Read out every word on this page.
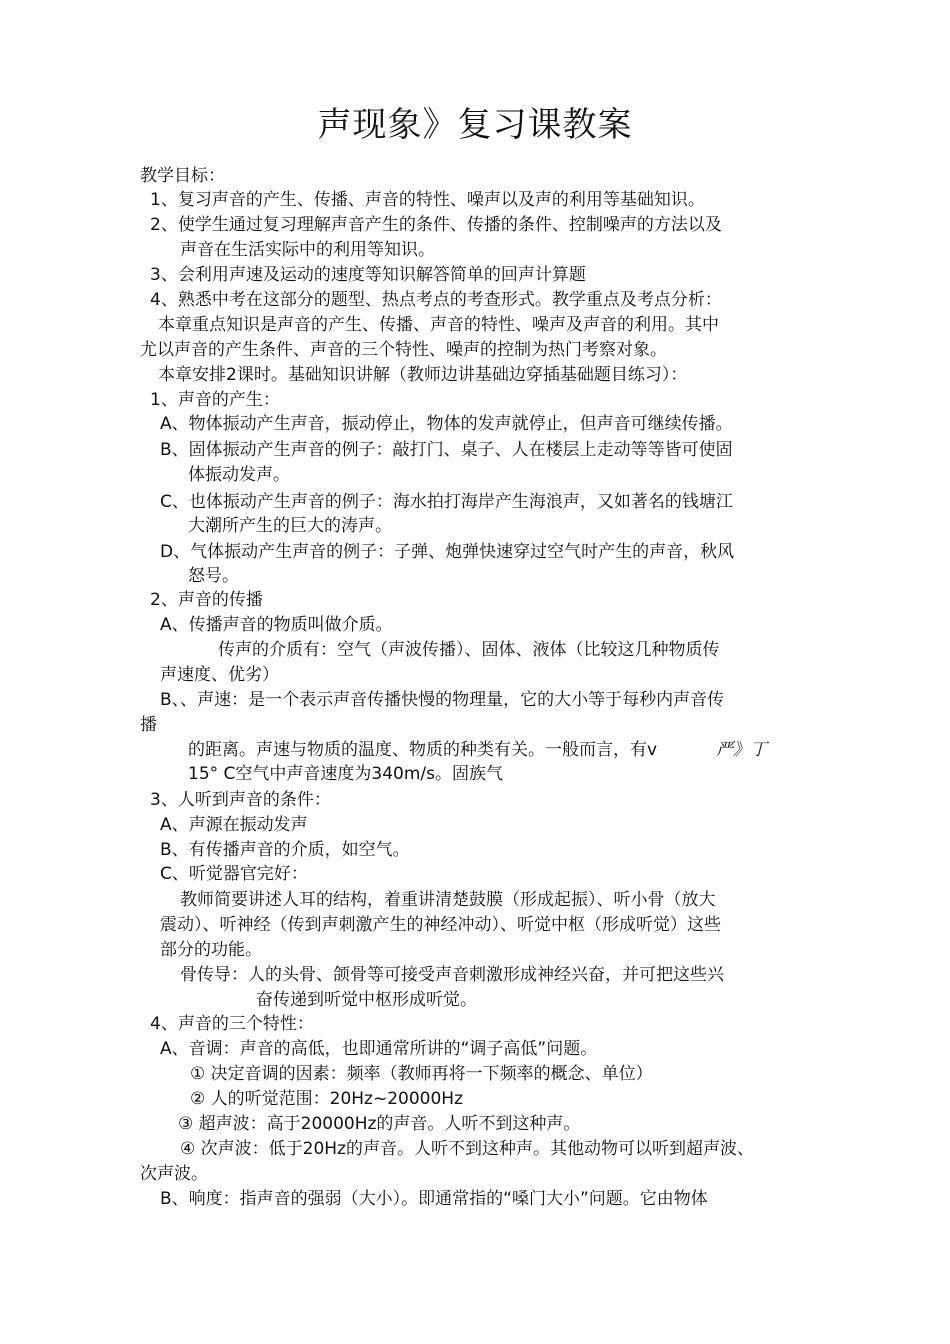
声现象》复习课教案
教学目标：
1、复习声音的产生、传播、声音的特性、噪声以及声的利用等基础知识。
2、使学生通过复习理解声音产生的条件、传播的条件、控制噪声的方法以及
声音在生活实际中的利用等知识。
3、会利用声速及运动的速度等知识解答简单的回声计算题
4、熟悉中考在这部分的题型、热点考点的考查形式。教学重点及考点分析：
本章重点知识是声音的产生、传播、声音的特性、噪声及声音的利用。其中
尤以声音的产生条件、声音的三个特性、噪声的控制为热门考察对象。
本章安排2课时。基础知识讲解（教师边讲基础边穿插基础题目练习）：
1、声音的产生：
A、物体振动产生声音，振动停止，物体的发声就停止，但声音可继续传播。
B、固体振动产生声音的例子：敲打门、桌子、人在楼层上走动等等皆可使固
体振动发声。
C、也体振动产生声音的例子：海水拍打海岸产生海浪声，又如著名的钱塘江
大潮所产生的巨大的涛声。
D、气体振动产生声音的例子：子弹、炮弹快速穿过空气时产生的声音，秋风
怒号。
2、声音的传播
A、传播声音的物质叫做介质。
传声的介质有：空气（声波传播）、固体、液体（比较这几种物质传
声速度、优劣）
B、、声速：是一个表示声音传播快慢的物理量，它的大小等于每秒内声音传
播
的距离。声速与物质的温度、物质的种类有关。一般而言，有v	严》丁
15° C空气中声音速度为340m/s。固族气
3、人听到声音的条件：
A、声源在振动发声
B、有传播声音的介质，如空气。
C、听觉器官完好：
教师简要讲述人耳的结构，着重讲清楚鼓膜（形成起振）、听小骨（放大
震动）、听神经（传到声刺激产生的神经冲动）、听觉中枢（形成听觉）这些
部分的功能。
骨传导：人的头骨、颌骨等可接受声音刺激形成神经兴奋，并可把这些兴
奋传递到听觉中枢形成听觉。
4、声音的三个特性：
A、音调：声音的高低，也即通常所讲的“调子高低”问题。
① 决定音调的因素：频率（教师再将一下频率的概念、单位）
② 人的听觉范围：20Hz~20000Hz
③ 超声波：高于20000Hz的声音。人听不到这种声。
④ 次声波：低于20Hz的声音。人听不到这种声。其他动物可以听到超声波、
次声波。
B、响度：指声音的强弱（大小）。即通常指的“嗓门大小”问题。它由物体
